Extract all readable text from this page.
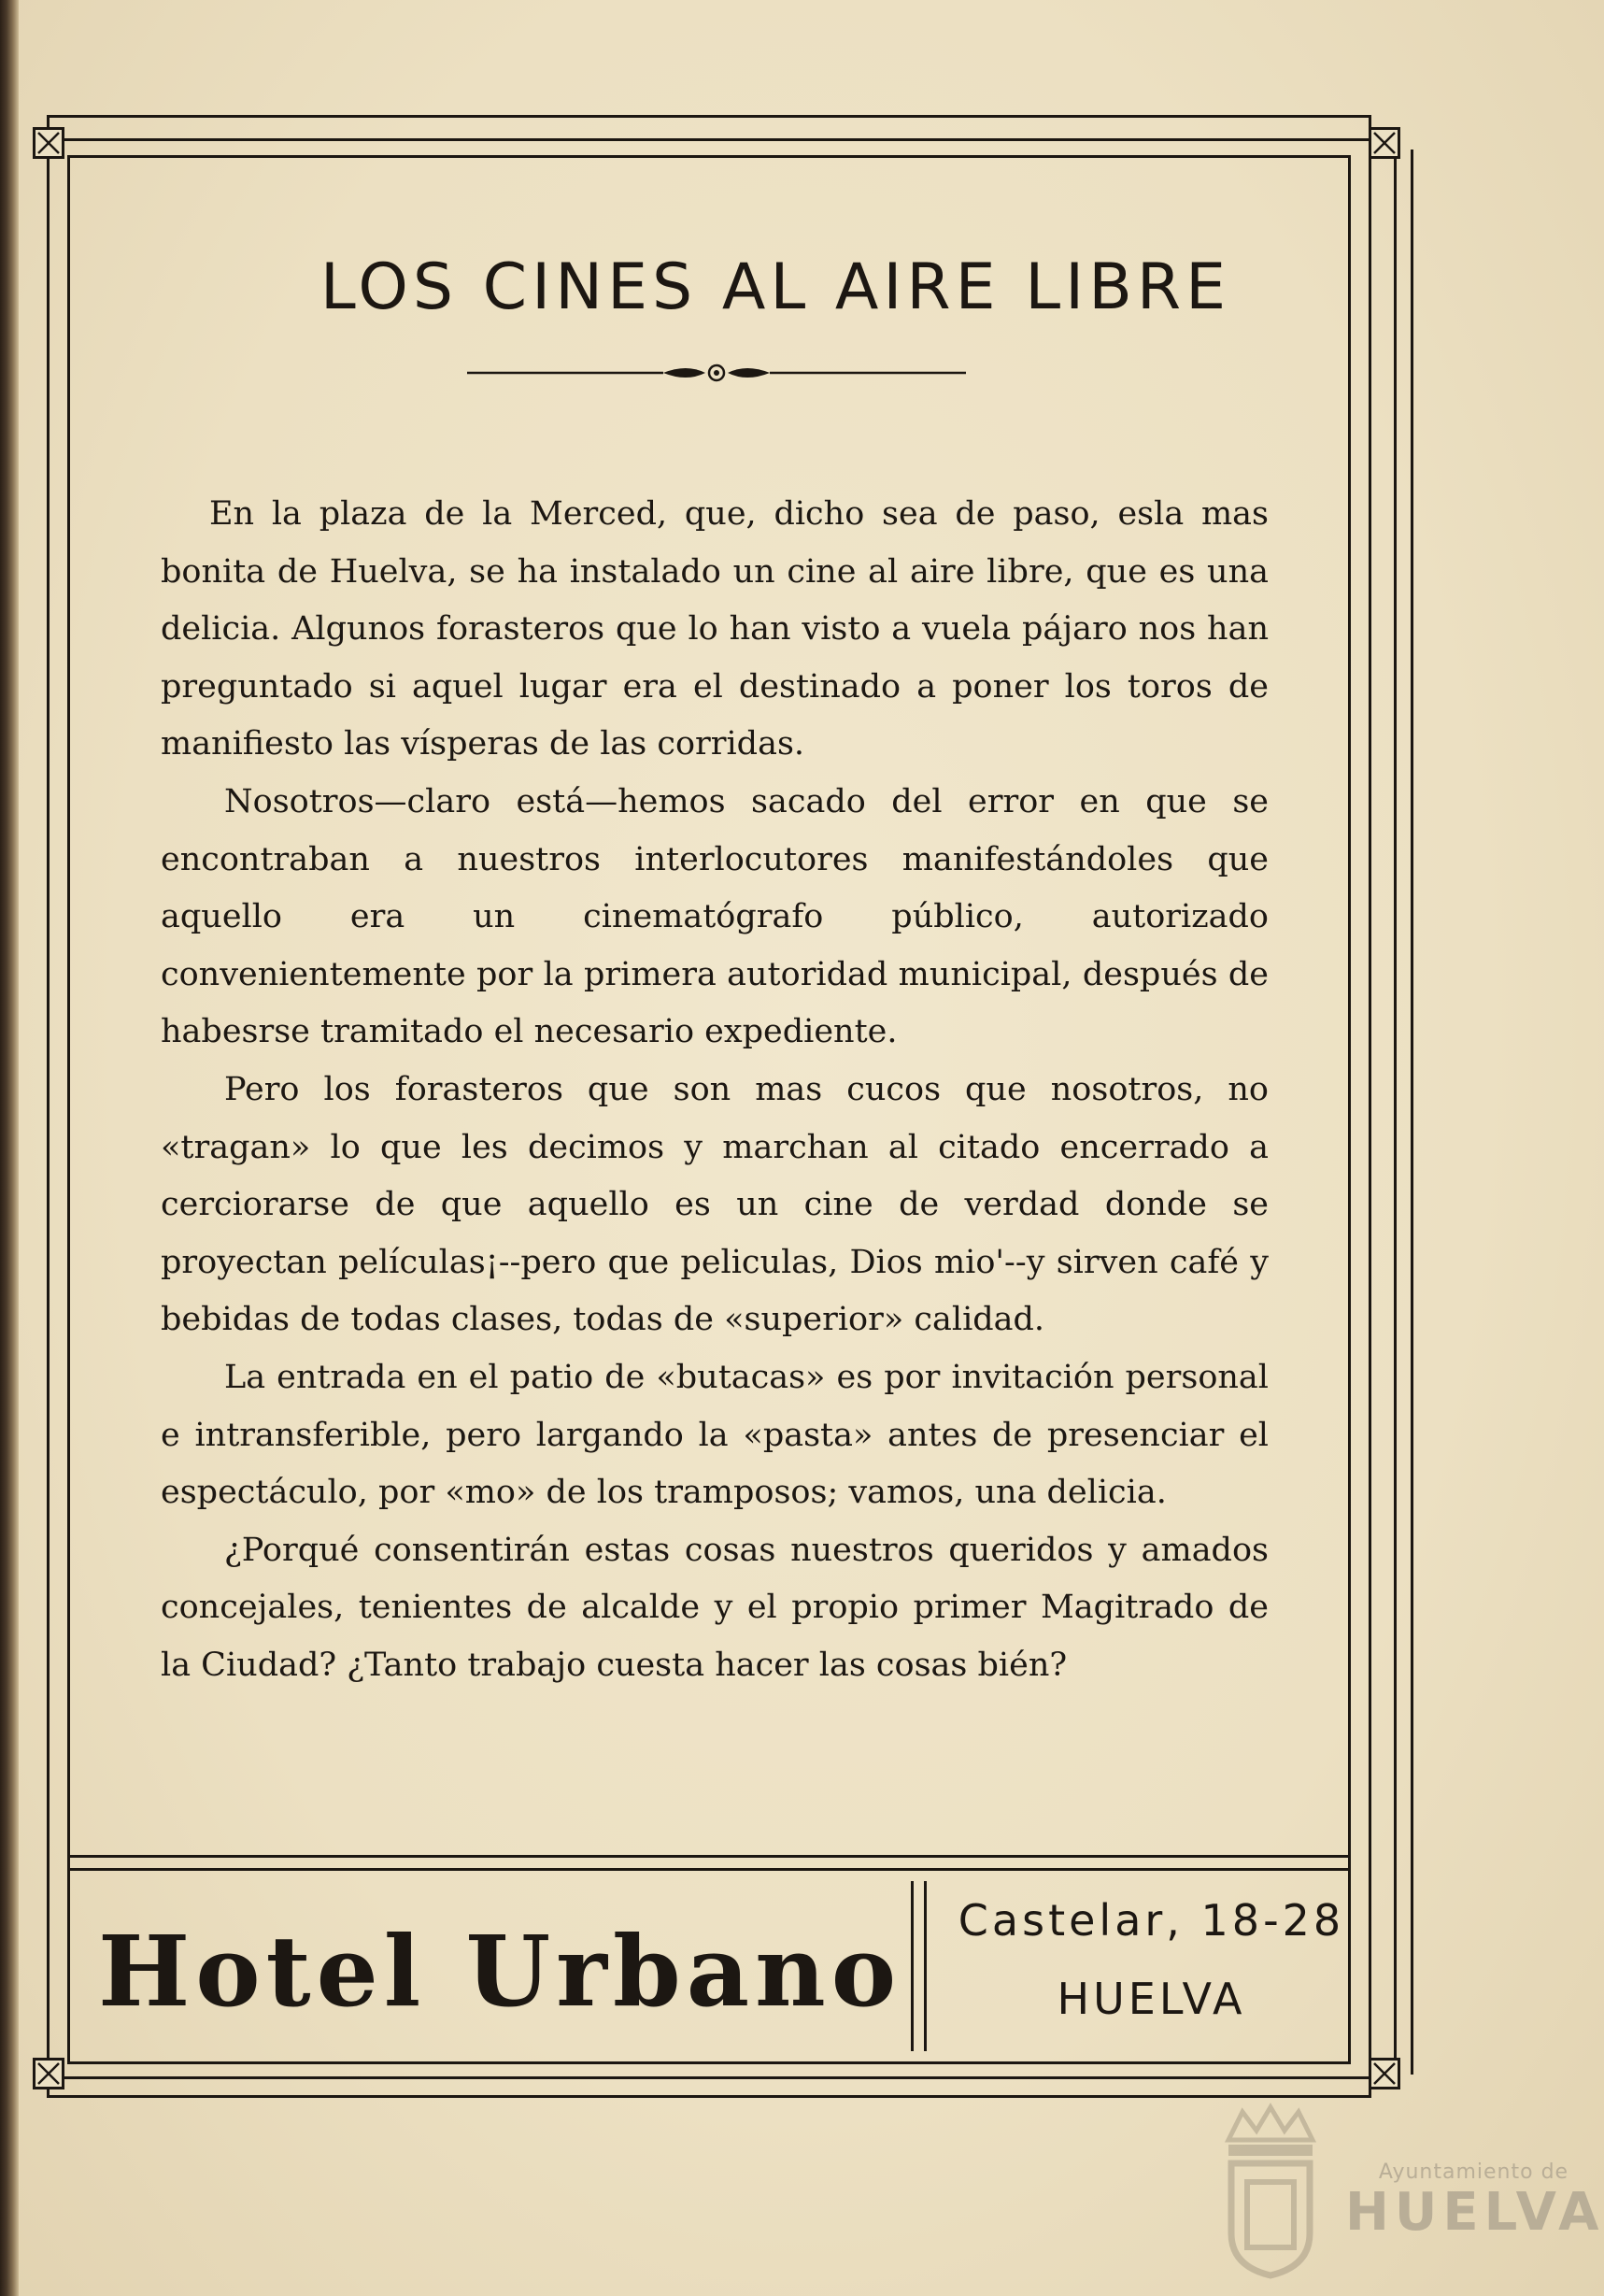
LOS CINES AL AIRE LIBRE

En la plaza de la Merced, que, dicho sea de paso, esla mas bonita de Huelva, se ha instalado un cine al aire libre, que es una delicia. Algunos forasteros que lo han visto a vuela pájaro nos han preguntado si aquel lugar era el destinado a poner los toros de manifiesto las vísperas de las corridas.

Nosotros—claro está—hemos sacado del error en que se encontraban a nuestros interlocutores manifestándoles que aquello era un cinematógrafo público, autorizado convenientemente por la primera autoridad municipal, después de habesrse tramitado el necesario expediente.

Pero los forasteros que son mas cucos que nosotros, no «tragan» lo que les decimos y marchan al citado encerrado a cerciorarse de que aquello es un cine de verdad donde se proyectan películas¡--pero que peliculas, Dios mio'--y sirven café y bebidas de todas clases, todas de «superior» calidad.

La entrada en el patio de «butacas» es por invitación personal e intransferible, pero largando la «pasta» antes de presenciar el espectáculo, por «mo» de los tramposos; vamos, una delicia.

¿Porqué consentirán estas cosas nuestros queridos y amados concejales, tenientes de alcalde y el propio primer Magitrado de la Ciudad? ¿Tanto trabajo cuesta hacer las cosas bién?

Hotel Urbano	Castelar, 18-28
HUELVA
Ayuntamiento de
HUELVA
